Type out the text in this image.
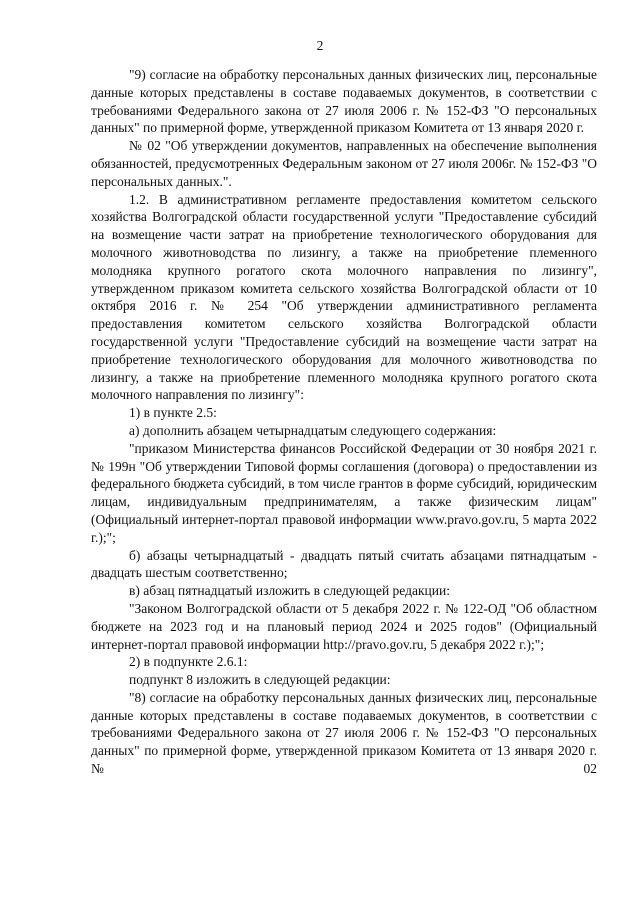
2

"9) согласие на обработку персональных данных физических лиц, персональные данные которых представлены в составе подаваемых документов, в соответствии с требованиями Федерального закона от 27 июля 2006 г. № 152-ФЗ "О персональных данных" по примерной форме, утвержденной приказом Комитета от 13 января 2020 г.

№ 02 "Об утверждении документов, направленных на обеспечение выполнения обязанностей, предусмотренных Федеральным законом от 27 июля 2006г. № 152-ФЗ "О персональных данных.".

1.2. В административном регламенте предоставления комитетом сельского хозяйства Волгоградской области государственной услуги "Предоставление субсидий на возмещение части затрат на приобретение технологического оборудования для молочного животноводства по лизингу, а также на приобретение племенного молодняка крупного рогатого скота молочного направления по лизингу", утвержденном приказом комитета сельского хозяйства Волгоградской области от 10 октября 2016 г. № 254 "Об утверждении административного регламента предоставления комитетом сельского хозяйства Волгоградской области государственной услуги "Предоставление субсидий на возмещение части затрат на приобретение технологического оборудования для молочного животноводства по лизингу, а также на приобретение племенного молодняка крупного рогатого скота молочного направления по лизингу":

1) в пункте 2.5:

а) дополнить абзацем четырнадцатым следующего содержания:

"приказом Министерства финансов Российской Федерации от 30 ноября 2021 г. № 199н "Об утверждении Типовой формы соглашения (договора) о предоставлении из федерального бюджета субсидий, в том числе грантов в форме субсидий, юридическим лицам, индивидуальным предпринимателям, а также физическим лицам" (Официальный интернет-портал правовой информации www.pravo.gov.ru, 5 марта 2022 г.);";

б) абзацы четырнадцатый - двадцать пятый считать абзацами пятнадцатым - двадцать шестым соответственно;

в) абзац пятнадцатый изложить в следующей редакции:

"Законом Волгоградской области от 5 декабря 2022 г. № 122-ОД "Об областном бюджете на 2023 год и на плановый период 2024 и 2025 годов" (Официальный интернет-портал правовой информации http://pravo.gov.ru, 5 декабря 2022 г.);";

2) в подпункте 2.6.1:

подпункт 8 изложить в следующей редакции:

"8) согласие на обработку персональных данных физических лиц, персональные данные которых представлены в составе подаваемых документов, в соответствии с требованиями Федерального закона от 27 июля 2006 г. № 152-ФЗ "О персональных данных" по примерной форме, утвержденной приказом Комитета от 13 января 2020 г. № 02
